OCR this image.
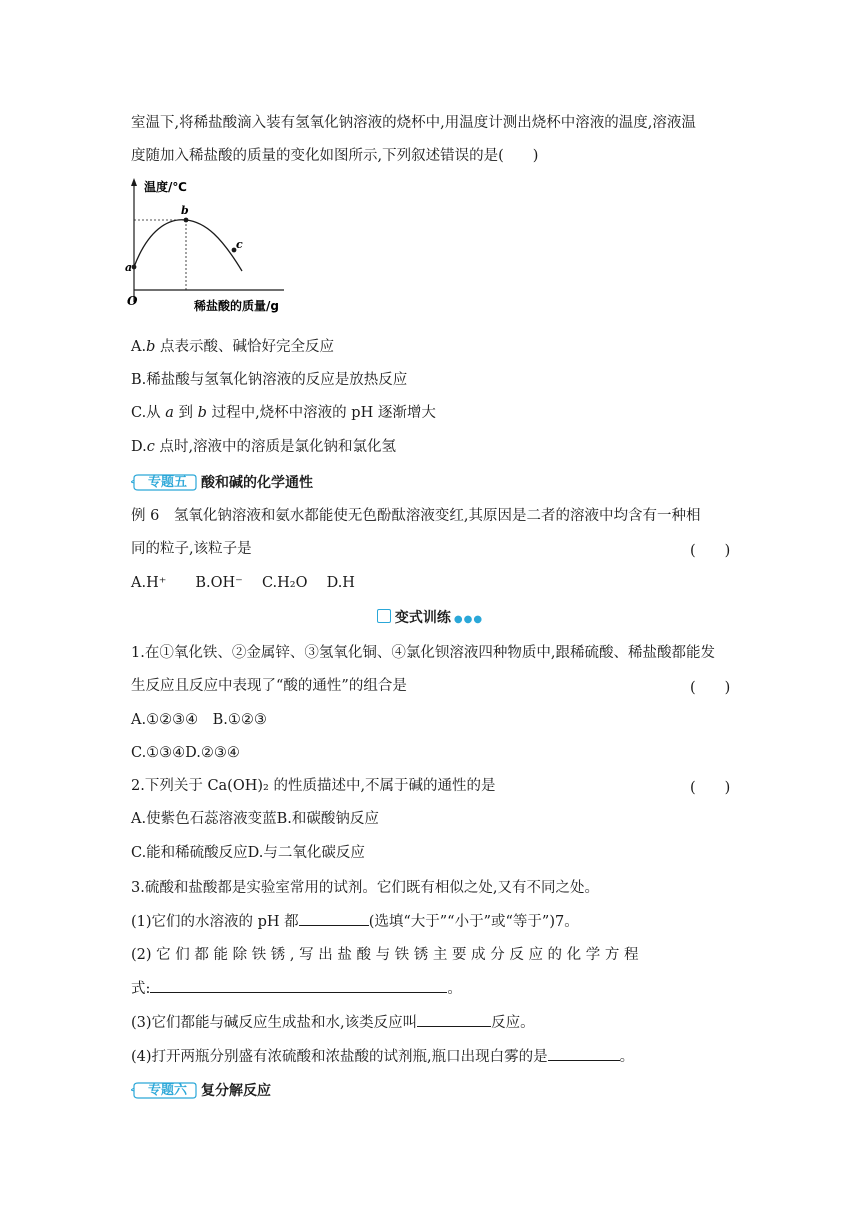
室温下,将稀盐酸滴入装有氢氧化钠溶液的烧杯中,用温度计测出烧杯中溶液的温度,溶液温
度随加入稀盐酸的质量的变化如图所示,下列叙述错误的是(　　)
温度/℃
b
c
a
O	稀盐酸的质量/g
A.b 点表示酸、碱恰好完全反应
B.稀盐酸与氢氧化钠溶液的反应是放热反应
C.从 a 到 b 过程中,烧杯中溶液的 pH 逐渐增大
D.c 点时,溶液中的溶质是氯化钠和氯化氢
专题五 酸和碱的化学通性
例 6　氢氧化钠溶液和氨水都能使无色酚酞溶液变红,其原因是二者的溶液中均含有一种相
同的粒子,该粒子是	(　　)
A.H⁺　　B.OH⁻　 C.H₂O　 D.H
变式训练 ●●●
1.在①氧化铁、②金属锌、③氢氧化铜、④氯化钡溶液四种物质中,跟稀硫酸、稀盐酸都能发
生反应且反应中表现了“酸的通性”的组合是	(　　)
A.①②③④　B.①②③
C.①③④D.②③④
2.下列关于 Ca(OH)₂ 的性质描述中,不属于碱的通性的是	(　　)
A.使紫色石蕊溶液变蓝B.和碳酸钠反应
C.能和稀硫酸反应D.与二氧化碳反应
3.硫酸和盐酸都是实验室常用的试剂。它们既有相似之处,又有不同之处。
(1)它们的水溶液的 pH 都	(选填“大于”“小于”或“等于”)7。
(2) 它 们 都 能 除 铁 锈 , 写 出 盐 酸 与 铁 锈 主 要 成 分 反 应 的 化 学 方 程
式:	。
(3)它们都能与碱反应生成盐和水,该类反应叫	反应。
(4)打开两瓶分别盛有浓硫酸和浓盐酸的试剂瓶,瓶口出现白雾的是	。
专题六 复分解反应
